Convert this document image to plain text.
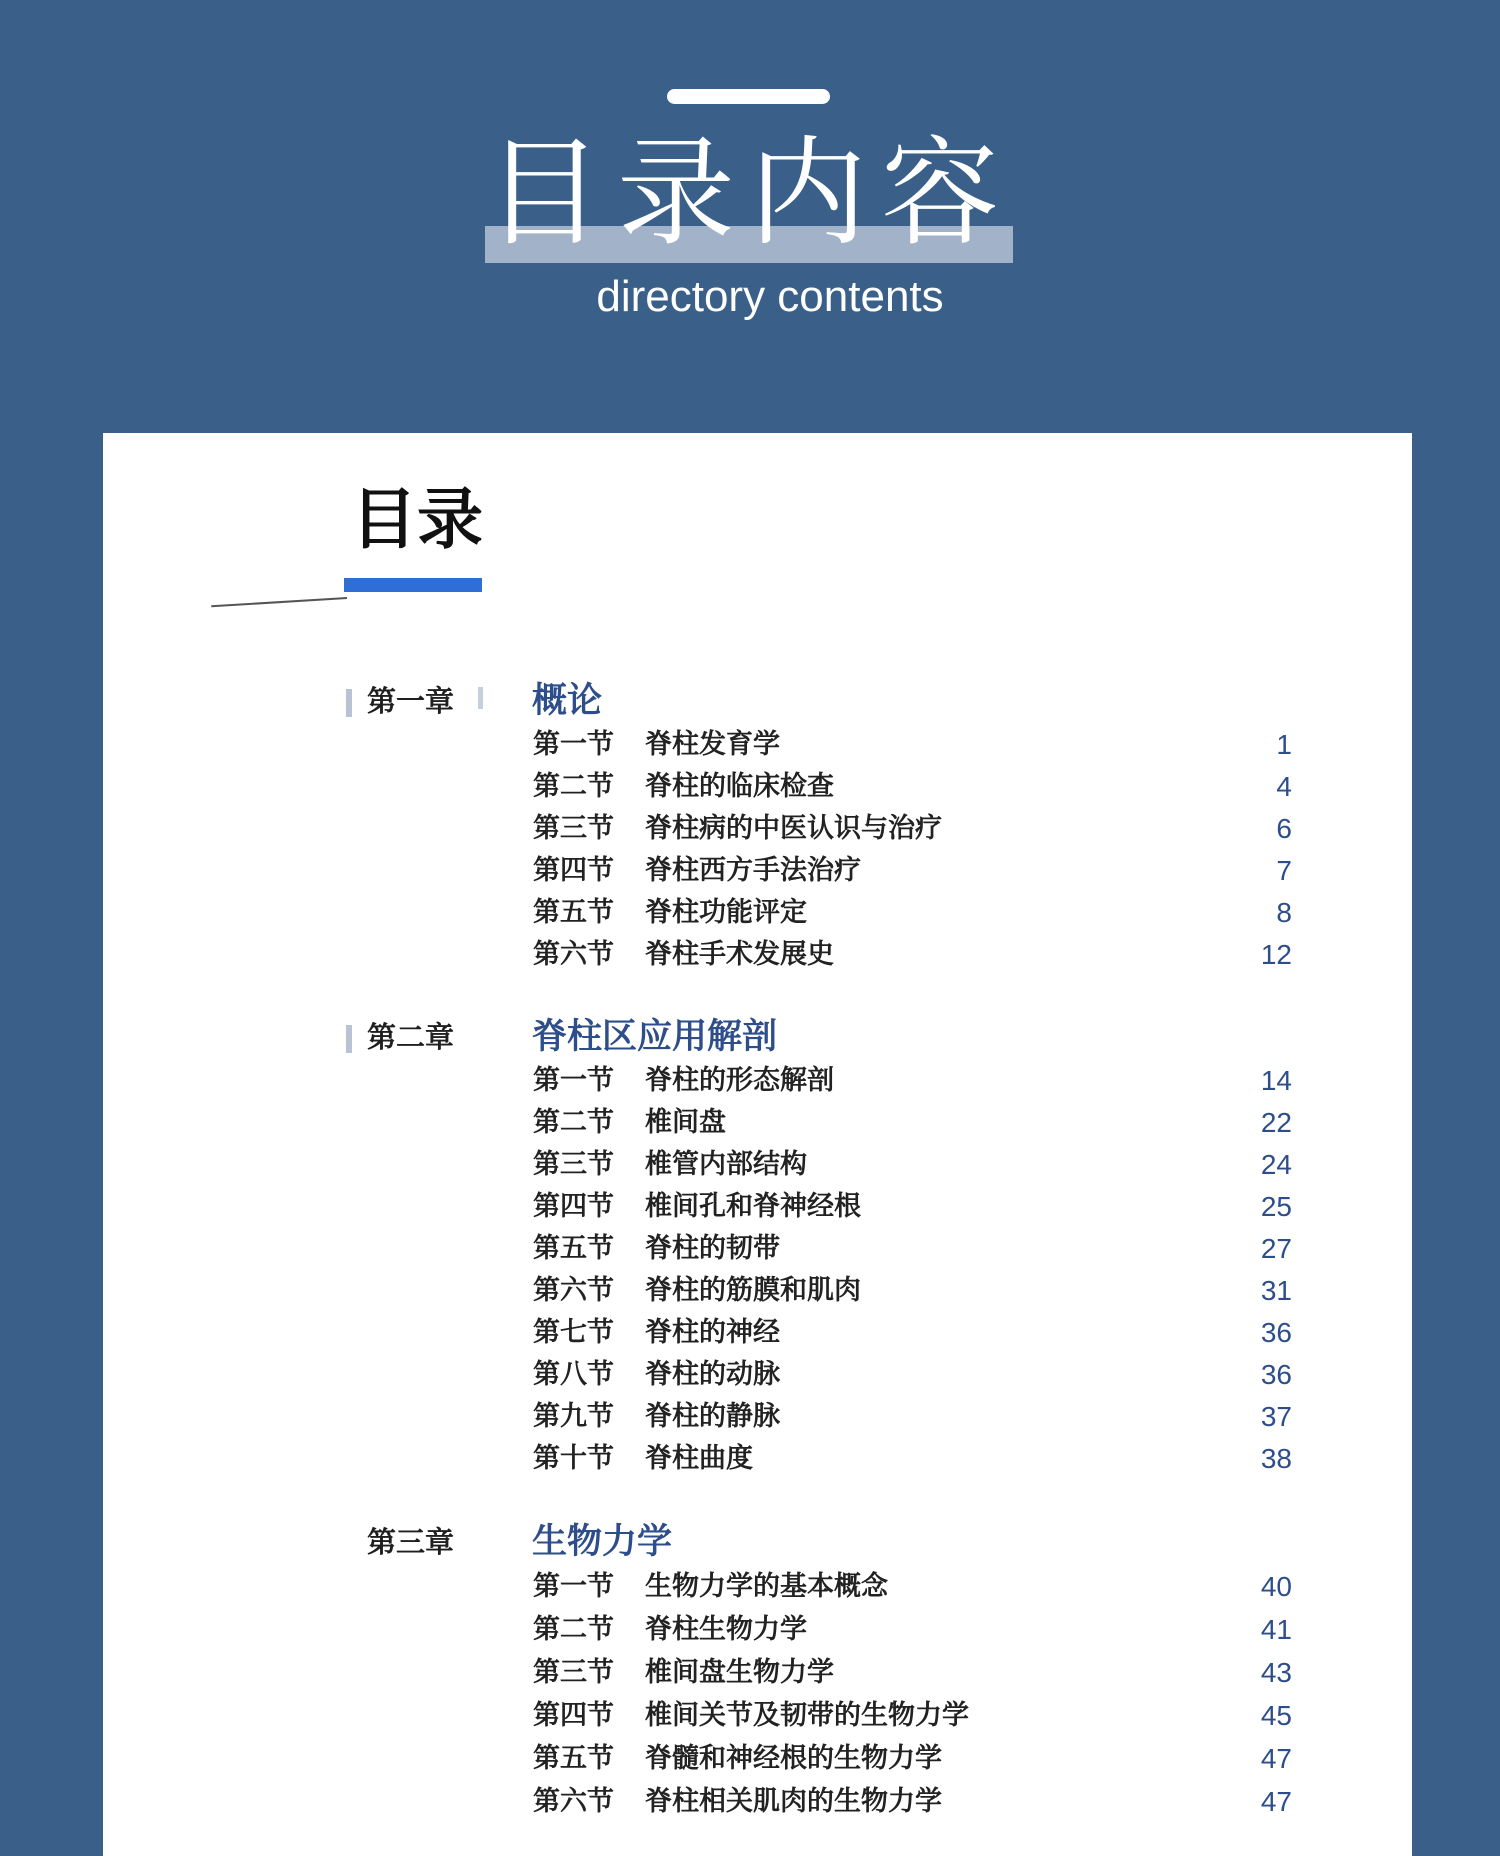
目录内容
directory contents
目录
第一章 概论
第一节 脊柱发育学	1
第二节 脊柱的临床检查	4
第三节 脊柱病的中医认识与治疗	6
第四节 脊柱西方手法治疗	7
第五节 脊柱功能评定	8
第六节 脊柱手术发展史	12
第二章 脊柱区应用解剖
第一节 脊柱的形态解剖	14
第二节 椎间盘	22
第三节 椎管内部结构	24
第四节 椎间孔和脊神经根	25
第五节 脊柱的韧带	27
第六节 脊柱的筋膜和肌肉	31
第七节 脊柱的神经	36
第八节 脊柱的动脉	36
第九节 脊柱的静脉	37
第十节 脊柱曲度	38
第三章 生物力学
第一节 生物力学的基本概念	40
第二节 脊柱生物力学	41
第三节 椎间盘生物力学	43
第四节 椎间关节及韧带的生物力学	45
第五节 脊髓和神经根的生物力学	47
第六节 脊柱相关肌肉的生物力学	47
